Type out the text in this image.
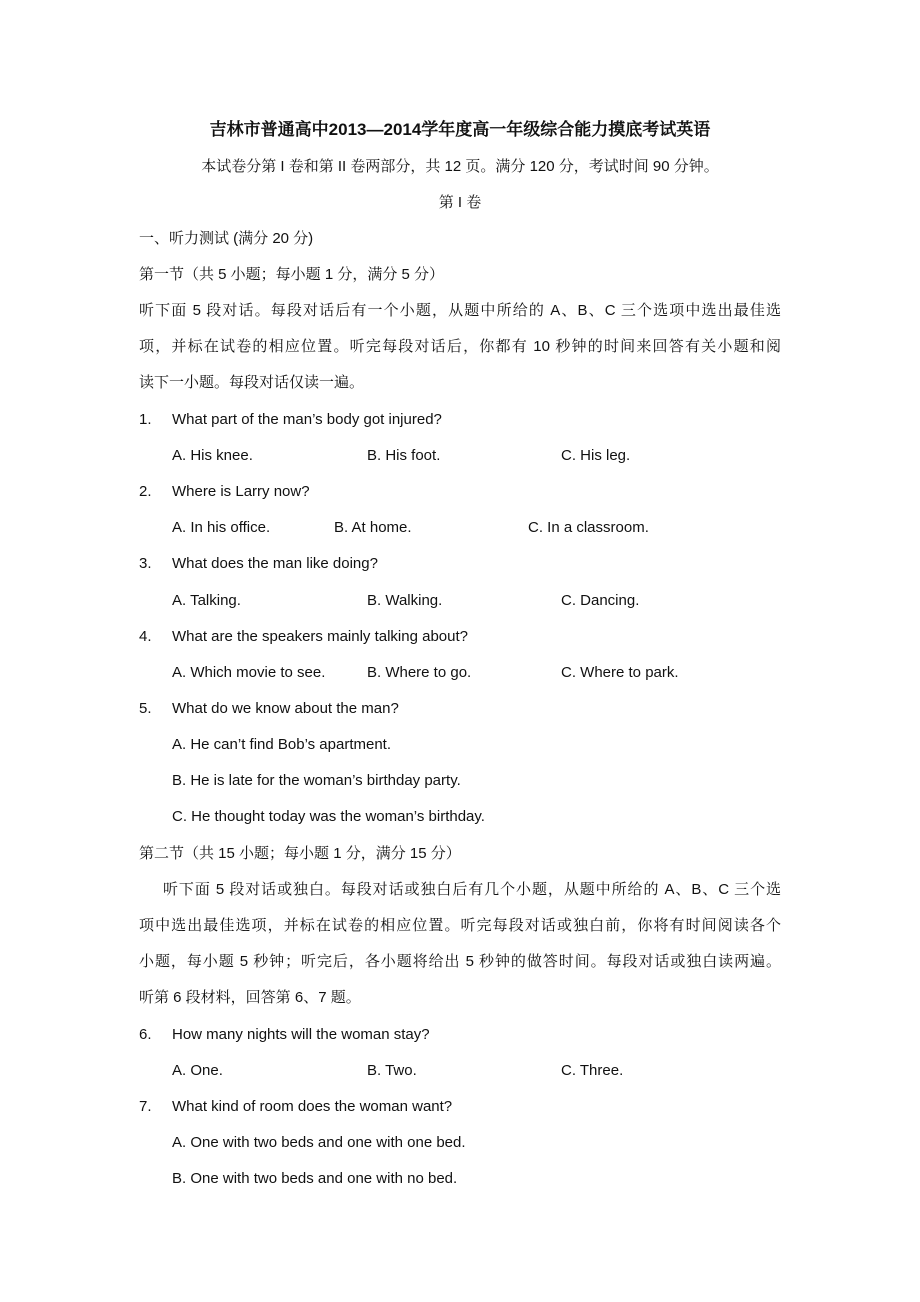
吉林市普通高中2013—2014学年度高一年级综合能力摸底考试英语
本试卷分第 I 卷和第 II 卷两部分，共 12 页。满分 120 分，考试时间 90 分钟。
第 I 卷
一、听力测试 (满分 20 分)
第一节（共 5 小题；每小题 1 分，满分 5 分）
听下面 5 段对话。每段对话后有一个小题，从题中所给的 A、B、C 三个选项中选出最佳选
项，并标在试卷的相应位置。听完每段对话后，你都有 10 秒钟的时间来回答有关小题和阅
读下一小题。每段对话仅读一遍。
1. What part of the man’s body got injured?
A. His knee.	B. His foot.	C. His leg.
2. Where is Larry now?
A. In his office.	B. At home.	C. In a classroom.
3. What does the man like doing?
A. Talking.	B. Walking.	C. Dancing.
4. What are the speakers mainly talking about?
A. Which movie to see.	B. Where to go.	C. Where to park.
5. What do we know about the man?
A. He can’t find Bob’s apartment.
B. He is late for the woman’s birthday party.
C. He thought today was the woman’s birthday.
第二节（共 15 小题；每小题 1 分，满分 15 分）
听下面 5 段对话或独白。每段对话或独白后有几个小题，从题中所给的 A、B、C 三个选
项中选出最佳选项，并标在试卷的相应位置。听完每段对话或独白前，你将有时间阅读各个
小题，每小题 5 秒钟；听完后，各小题将给出 5 秒钟的做答时间。每段对话或独白读两遍。
听第 6 段材料，回答第 6、7 题。
6. How many nights will the woman stay?
A. One.	B. Two.	C. Three.
7. What kind of room does the woman want?
A. One with two beds and one with one bed.
B. One with two beds and one with no bed.
